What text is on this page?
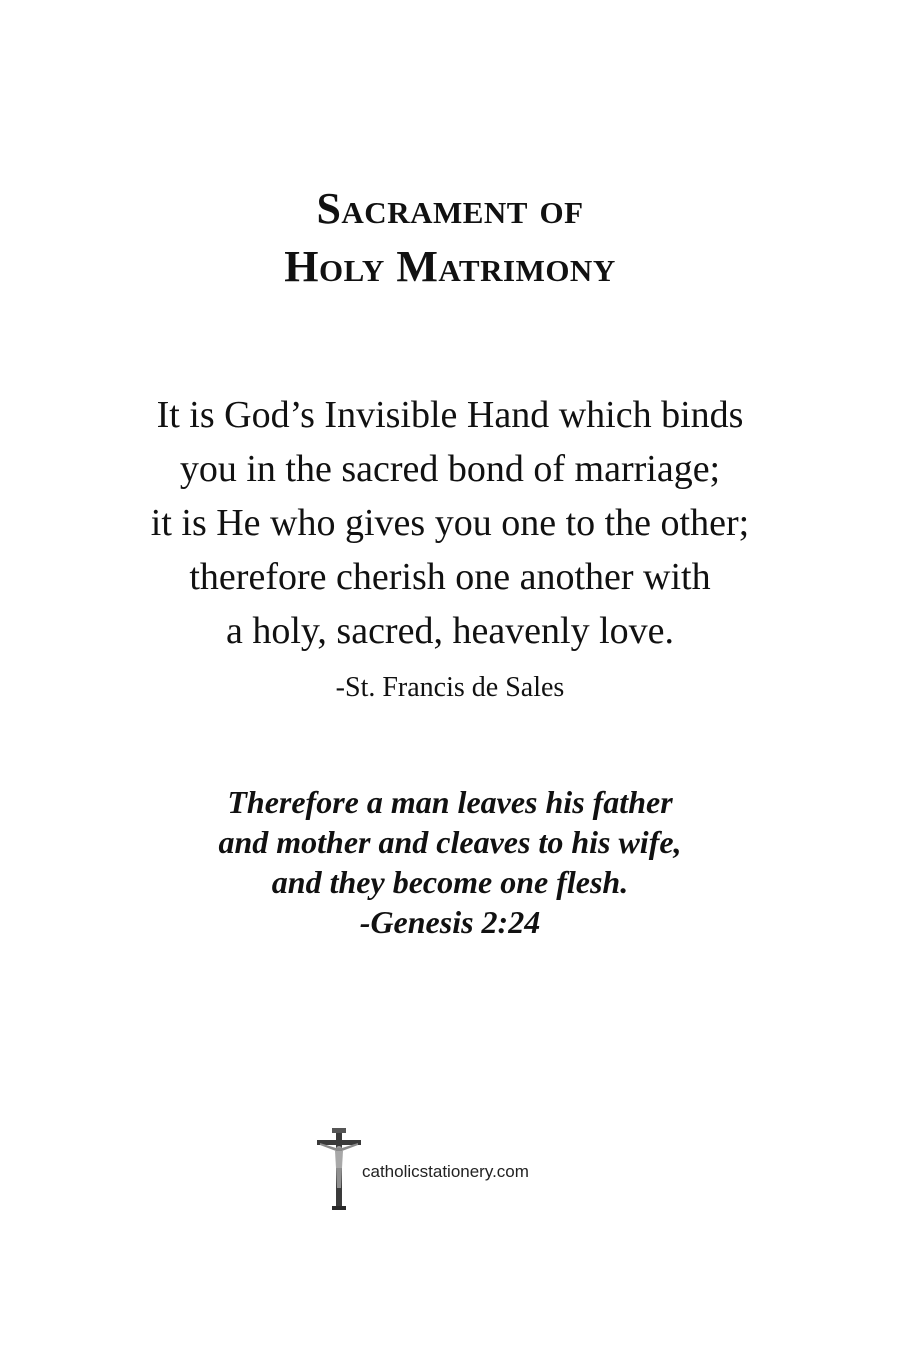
Sacrament of
Holy Matrimony
It is God’s Invisible Hand which binds
you in the sacred bond of marriage;
it is He who gives you one to the other;
therefore cherish one another with
a holy, sacred, heavenly love.
-St. Francis de Sales
Therefore a man leaves his father
and mother and cleaves to his wife,
and they become one flesh.
-Genesis 2:24
catholicstationery.com
